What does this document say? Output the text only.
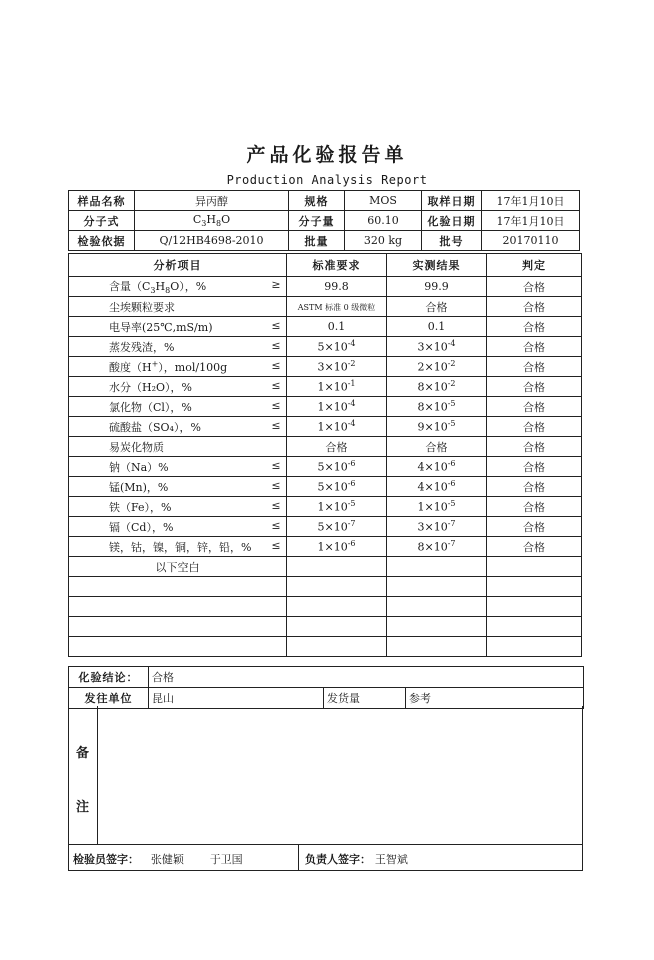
产品化验报告单
Production Analysis Report
样品名称	异丙醇	规格	MOS	取样日期	17年1月10日
分子式	$C_3H_8O$	分子量	60.10	化验日期	17年1月10日
检验依据	Q/12HB4698-2010	批量	320 kg	批号	20170110
分析项目	标准要求	实测结果	判定

含量$(C_3H_8O)$，% ≥	99.8	99.9	合格

尘埃颗粒要求	ASTM 标准 0 级微粒	合格	合格

电导率(25℃,mS/m) ≤	0.1	0.1	合格

蒸发残渣，% ≤	$5\times 10^{-4}$	$3\times 10^{-4}$	合格

酸度（H+），mol/100g ≤	$3\times 10^{-2}$	$2\times 10^{-2}$	合格

水分（H₂O），% ≤	$1\times 10^{-1}$	$8\times 10^{-2}$	合格

氯化物（Cl），% ≤	$1\times 10^{-4}$	$8\times 10^{-5}$	合格

硫酸盐（SO₄），% ≤	$1\times 10^{-4}$	$9\times 10^{-5}$	合格

易炭化物质	合格	合格	合格

钠（Na）% ≤	$5\times 10^{-6}$	$4\times 10^{-6}$	合格

锰(Mn)，% ≤	$5\times 10^{-6}$	$4\times 10^{-6}$	合格

铁（Fe），% ≤	$1\times 10^{-5}$	$1\times 10^{-5}$	合格

镉（Cd），% ≤	$5\times 10^{-7}$	$3\times 10^{-7}$	合格

镁，钴，镍，铜，锌，铅，% ≤	$1\times 10^{-6}$	$8\times 10^{-7}$	合格
以下空白			

化验结论：	合格		
发往单位	昆山	发货量	参考
备
注
检验员签字： 张健颖 于卫国	负责人签字： 王智斌
